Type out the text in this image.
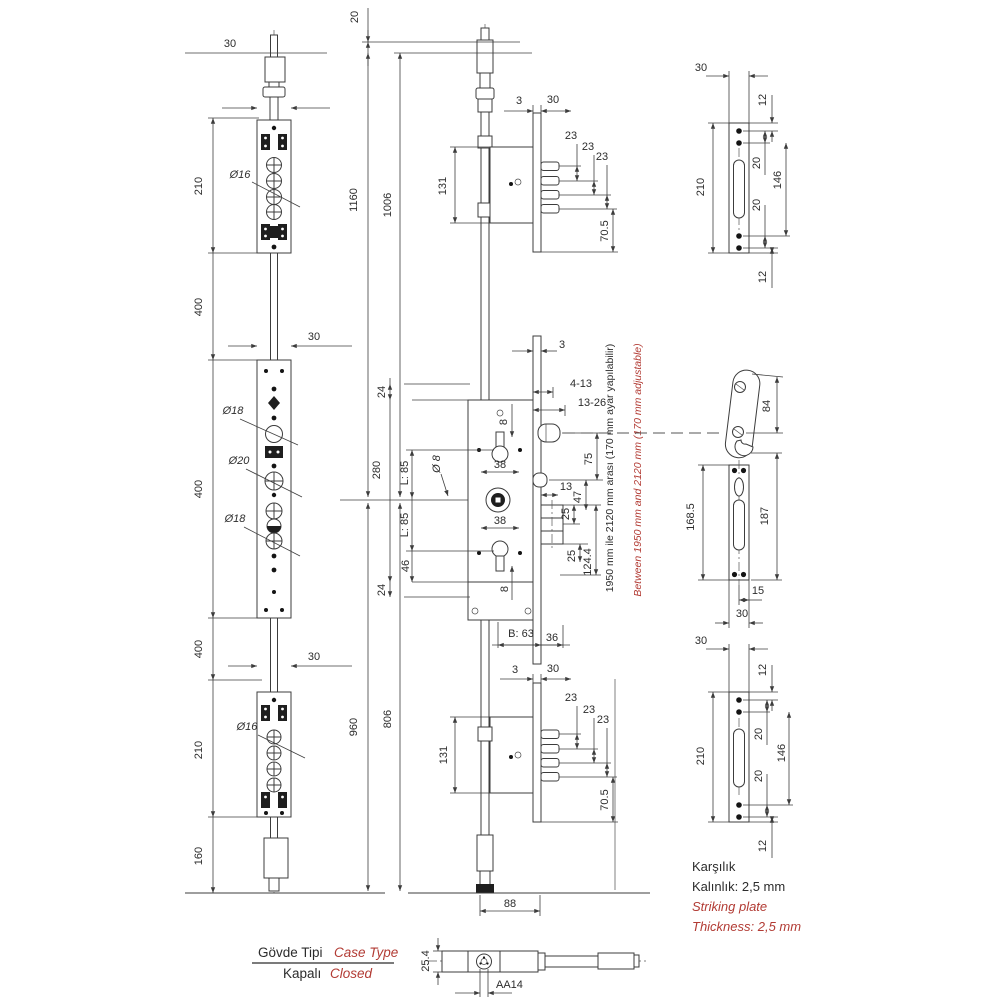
30
Ø16
30
Ø18
Ø20
Ø18
30
Ø16
210
400
400
400
210
160
20
1160 1006
960 806
131
3 30
23
23
23
70.5
38
38
8
8
Ø 8
24
280
24
L: 85
L: 85
46
3
4-13
13-26
75
47
13
25
25 124.4
B: 63 36
131
3	30
23
23
23
70.5
88
1950 mm ile 2120 mm arası (170 mm ayar yapılabilir) Between 1950 mm and 2120 mm (170 mm adjustable)
30
210
12
20
146
20
12
84
168.5	187
15
30
30
210
12
20
146
20
12
Karşılık
Kalınlık: 2,5 mm
Striking plate
Thickness: 2,5 mm
Gövde Tipi Case Type
Kapalı Closed
25.4
AA14
